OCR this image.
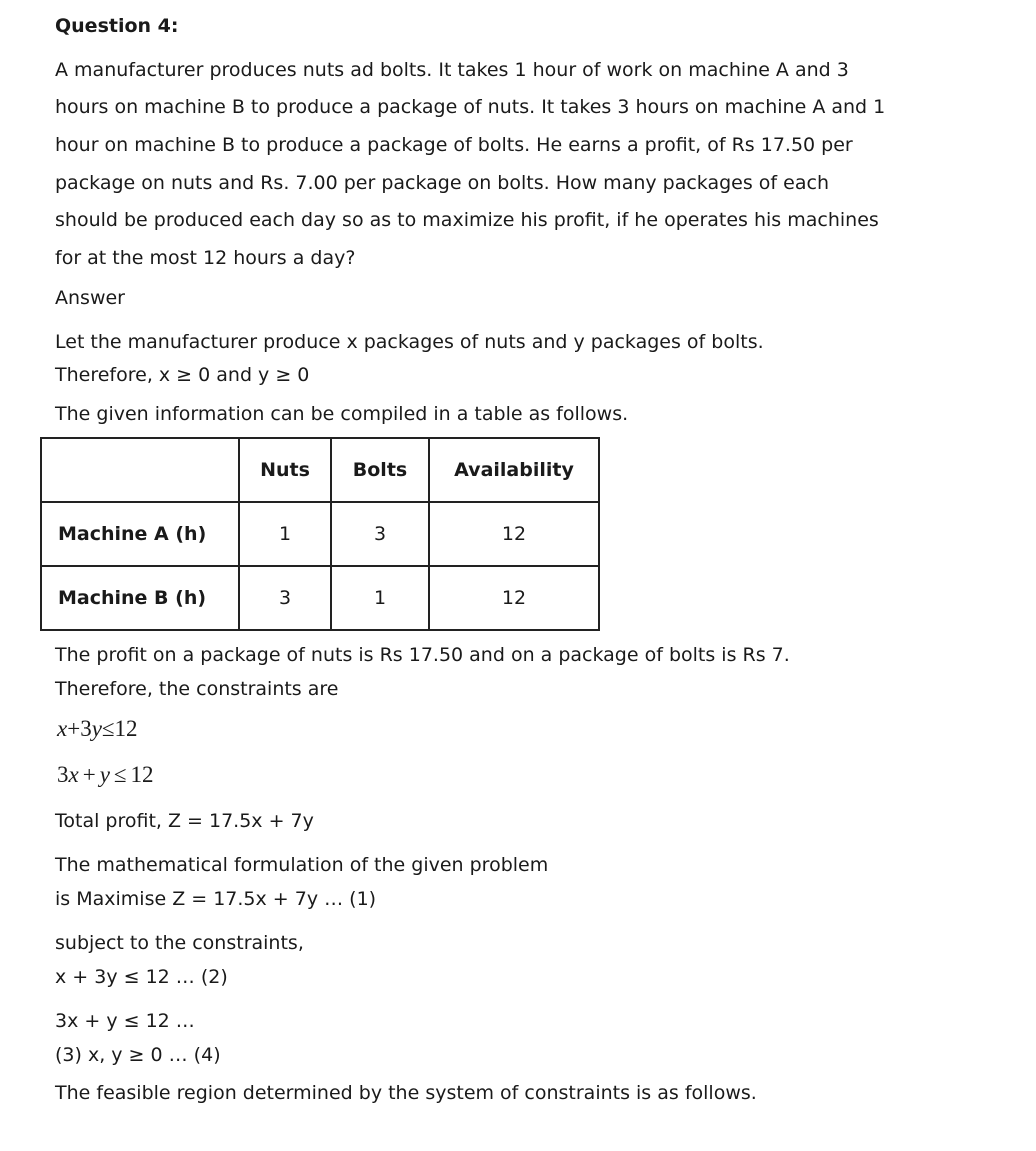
Question 4:
A manufacturer produces nuts ad bolts. It takes 1 hour of work on machine A and 3
hours on machine B to produce a package of nuts. It takes 3 hours on machine A and 1
hour on machine B to produce a package of bolts. He earns a profit, of Rs 17.50 per
package on nuts and Rs. 7.00 per package on bolts. How many packages of each
should be produced each day so as to maximize his profit, if he operates his machines
for at the most 12 hours a day?
Answer
Let the manufacturer produce x packages of nuts and y packages of bolts.
Therefore, x ≥ 0 and y ≥ 0
The given information can be compiled in a table as follows.
	Nuts	Bolts	Availability
Machine A (h)	1	3	12
Machine B (h)	3	1	12
The profit on a package of nuts is Rs 17.50 and on a package of bolts is Rs 7.
Therefore, the constraints are
x+3y≤12
3x + y ≤ 12
Total profit, Z = 17.5x + 7y
The mathematical formulation of the given problem
is Maximise Z = 17.5x + 7y … (1)
subject to the constraints,
x + 3y ≤ 12 … (2)
3x + y ≤ 12 …
(3) x, y ≥ 0 … (4)
The feasible region determined by the system of constraints is as follows.
